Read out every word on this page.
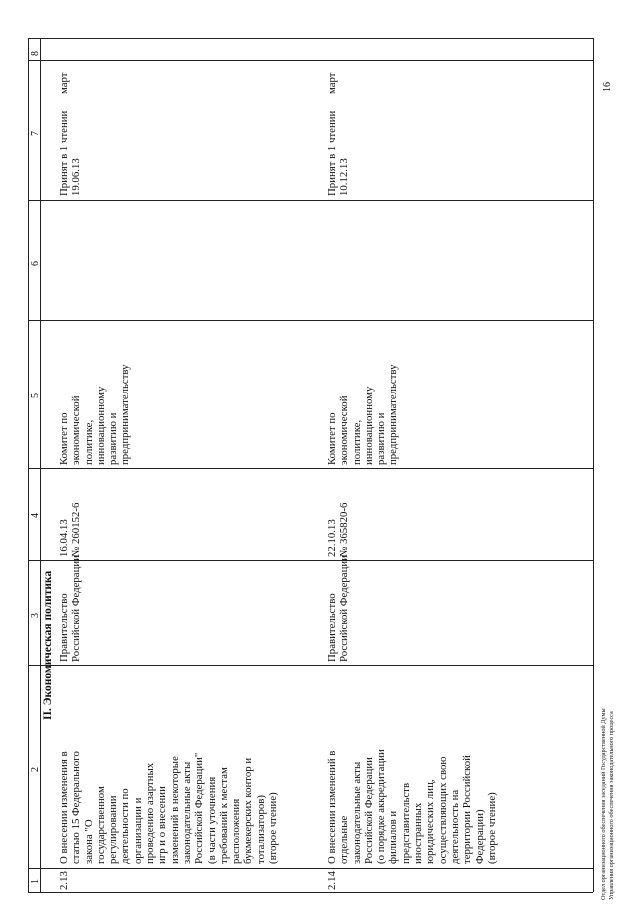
1
2
3
4
5
6
7
8
II. Экономическая политика
2.13
О внесении изменения в
статью 15 Федерального
закона "О
государственном
регулировании
деятельности по
организации и
проведению азартных
игр и о внесении
изменений в некоторые
законодательные акты
Российской Федерации"
(в части уточнения
требований к местам
расположения
букмекерских контор и
тотализаторов)
(второе чтение)
Правительство
Российской Федерации
16.04.13
№ 260152-6
Комитет по
экономической
политике,
инновационному
развитию и
предпринимательству
Принят в 1 чтении
19.06.13
март
2.14
О внесении изменений в
отдельные
законодательные акты
Российской Федерации
(о порядке аккредитации
филиалов и
представительств
иностранных
юридических лиц,
осуществляющих свою
деятельность на
территории Российской
Федерации)
(второе чтение)
Правительство
Российской Федерации
22.10.13
№ 365820-6
Комитет по
экономической
политике,
инновационному
развитию и
предпринимательству
Принят в 1 чтении
10.12.13
март
Отдел организационного обеспечения заседаний Государственной Думы Управления организационного обеспечения законодательного процесса
16
